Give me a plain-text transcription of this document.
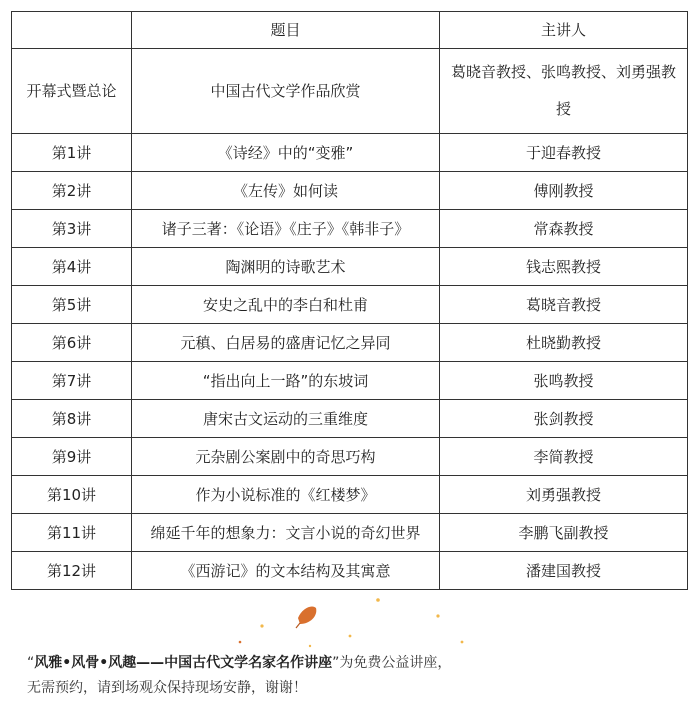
	题目	主讲人
开幕式暨总论	中国古代文学作品欣赏	葛晓音教授、张鸣教授、刘勇强教授
第1讲	《诗经》中的“变雅”	于迎春教授
第2讲	《左传》如何读	傅刚教授
第3讲	诸子三著：《论语》《庄子》《韩非子》	常森教授
第4讲	陶渊明的诗歌艺术	钱志熙教授
第5讲	安史之乱中的李白和杜甫	葛晓音教授
第6讲	元稹、白居易的盛唐记忆之异同	杜晓勤教授
第7讲	“指出向上一路”的东坡词	张鸣教授
第8讲	唐宋古文运动的三重维度	张剑教授
第9讲	元杂剧公案剧中的奇思巧构	李简教授
第10讲	作为小说标准的《红楼梦》	刘勇强教授
第11讲	绵延千年的想象力：文言小说的奇幻世界	李鹏飞副教授
第12讲	《西游记》的文本结构及其寓意	潘建国教授
“风雅•风骨•风趣——中国古代文学名家名作讲座”为免费公益讲座，
无需预约，请到场观众保持现场安静，谢谢！
